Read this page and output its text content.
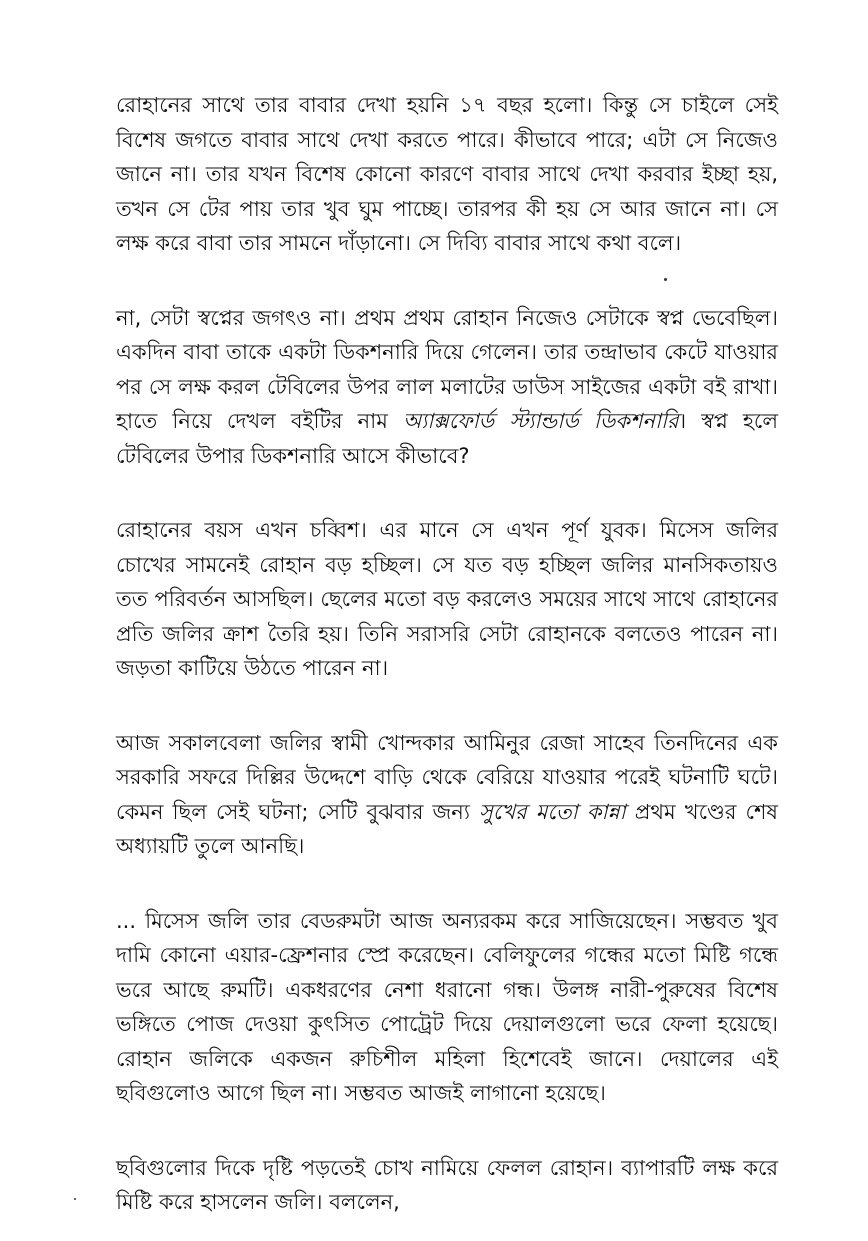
রোহানের সাথে তার বাবার দেখা হয়নি ১৭ বছর হলো। কিন্তু সে চাইলে সেই বিশেষ জগতে বাবার সাথে দেখা করতে পারে। কীভাবে পারে; এটা সে নিজেও জানে না। তার যখন বিশেষ কোনো কারণে বাবার সাথে দেখা করবার ইচ্ছা হয়, তখন সে টের পায় তার খুব ঘুম পাচ্ছে। তারপর কী হয় সে আর জানে না। সে লক্ষ করে বাবা তার সামনে দাঁড়ানো। সে দিব্যি বাবার সাথে কথা বলে।

না, সেটা স্বপ্নের জগৎও না। প্রথম প্রথম রোহান নিজেও সেটাকে স্বপ্ন ভেবেছিল। একদিন বাবা তাকে একটা ডিকশনারি দিয়ে গেলেন। তার তন্দ্রাভাব কেটে যাওয়ার পর সে লক্ষ করল টেবিলের উপর লাল মলাটের ডাউস সাইজের একটা বই রাখা। হাতে নিয়ে দেখল বইটির নাম অ্যাক্সফোর্ড স্ট্যান্ডার্ড ডিকশনারি। স্বপ্ন হলে টেবিলের উপার ডিকশনারি আসে কীভাবে?

রোহানের বয়স এখন চব্বিশ। এর মানে সে এখন পূর্ণ যুবক। মিসেস জলির চোখের সামনেই রোহান বড় হচ্ছিল। সে যত বড় হচ্ছিল জলির মানসিকতায়ও তত পরিবর্তন আসছিল। ছেলের মতো বড় করলেও সময়ের সাথে সাথে রোহানের প্রতি জলির ক্রাশ তৈরি হয়। তিনি সরাসরি সেটা রোহানকে বলতেও পারেন না। জড়তা কাটিয়ে উঠতে পারেন না।

আজ সকালবেলা জলির স্বামী খোন্দকার আমিনুর রেজা সাহেব তিনদিনের এক সরকারি সফরে দিল্লির উদ্দেশে বাড়ি থেকে বেরিয়ে যাওয়ার পরেই ঘটনাটি ঘটে। কেমন ছিল সেই ঘটনা; সেটি বুঝবার জন্য সুখের মতো কান্না প্রথম খণ্ডের শেষ অধ্যায়টি তুলে আনছি।

... মিসেস জলি তার বেডরুমটা আজ অন্যরকম করে সাজিয়েছেন। সম্ভবত খুব দামি কোনো এয়ার-ফ্রেশনার স্প্রে করেছেন। বেলিফুলের গন্ধের মতো মিষ্টি গন্ধে ভরে আছে রুমটি। একধরণের নেশা ধরানো গন্ধ। উলঙ্গ নারী-পুরুষের বিশেষ ভঙ্গিতে পোজ দেওয়া কুৎসিত পোট্রেট দিয়ে দেয়ালগুলো ভরে ফেলা হয়েছে। রোহান জলিকে একজন রুচিশীল মহিলা হিশেবেই জানে। দেয়ালের এই ছবিগুলোও আগে ছিল না। সম্ভবত আজই লাগানো হয়েছে।

ছবিগুলোর দিকে দৃষ্টি পড়তেই চোখ নামিয়ে ফেলল রোহান। ব্যাপারটি লক্ষ করে মিষ্টি করে হাসলেন জলি। বললেন,
